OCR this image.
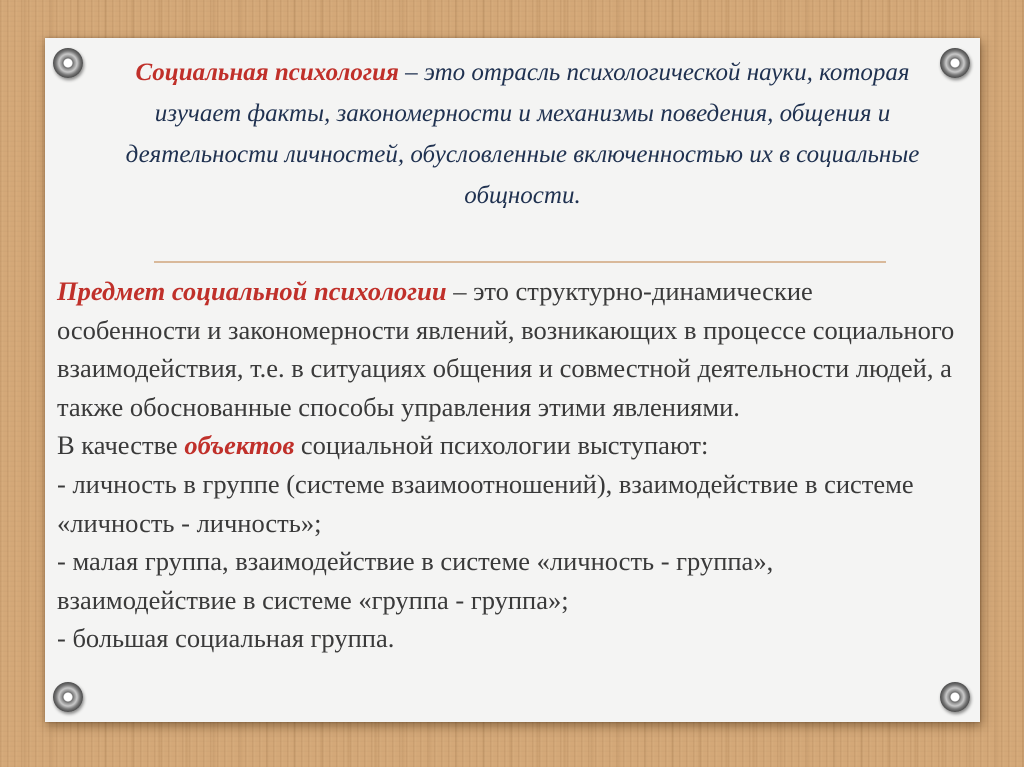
Социальная психология – это отрасль психологической науки, которая изучает факты, закономерности и механизмы поведения, общения и деятельности личностей, обусловленные включенностью их в социальные общности.
Предмет социальной психологии – это структурно-динамические особенности и закономерности явлений, возникающих в процессе социального взаимодействия, т.е. в ситуациях общения и совместной деятельности людей, а также обоснованные способы управления этими явлениями.
В качестве объектов социальной психологии выступают:
- личность в группе (системе взаимоотношений), взаимодействие в системе «личность - личность»;
- малая группа, взаимодействие в системе «личность - группа», взаимодействие в системе «группа - группа»;
- большая социальная группа.
